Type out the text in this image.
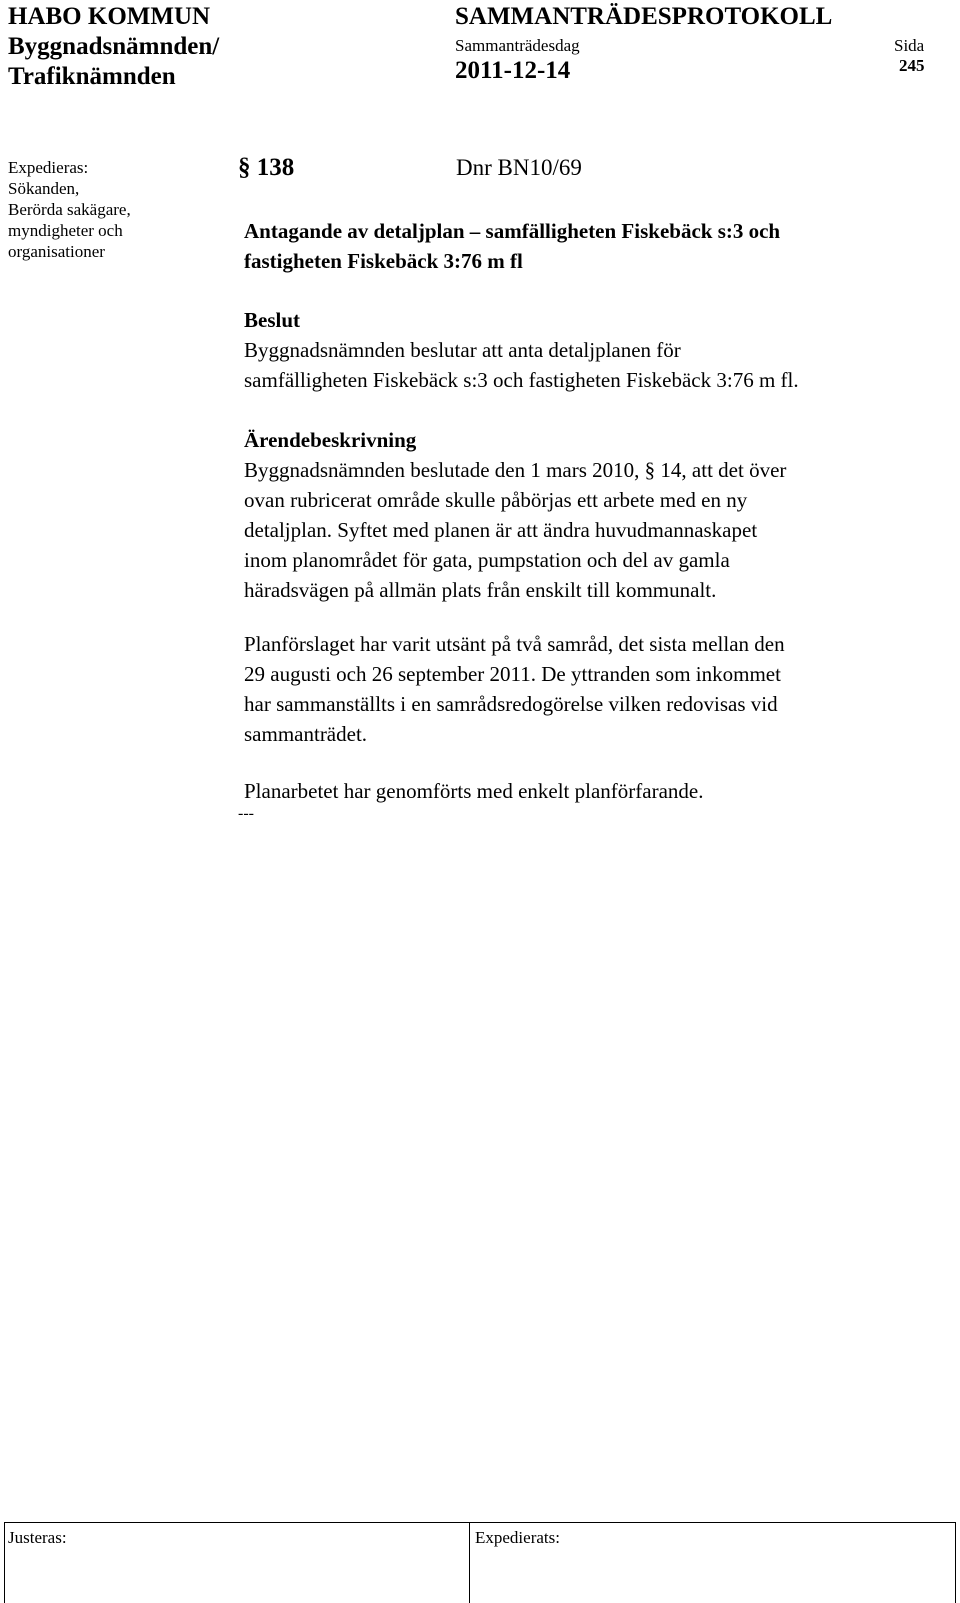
HABO KOMMUN
Byggnadsnämnden/
Trafiknämnden
SAMMANTRÄDESPROTOKOLL
Sammanträdesdag
2011-12-14
Sida
245
Expedieras:
Sökanden,
Berörda sakägare,
myndigheter och
organisationer
§ 138	Dnr BN10/69
Antagande av detaljplan – samfälligheten Fiskebäck s:3 och
fastigheten Fiskebäck 3:76 m fl

Beslut

Byggnadsnämnden beslutar att anta detaljplanen för

samfälligheten Fiskebäck s:3 och fastigheten Fiskebäck 3:76 m fl.

Ärendebeskrivning

Byggnadsnämnden beslutade den 1 mars 2010, § 14, att det över

ovan rubricerat område skulle påbörjas ett arbete med en ny

detaljplan. Syftet med planen är att ändra huvudmannaskapet

inom planområdet för gata, pumpstation och del av gamla

häradsvägen på allmän plats från enskilt till kommunalt.

Planförslaget har varit utsänt på två samråd, det sista mellan den

29 augusti och 26 september 2011. De yttranden som inkommet

har sammanställts i en samrådsredogörelse vilken redovisas vid

sammanträdet.

Planarbetet har genomförts med enkelt planförfarande.

---
Justeras:	Expedierats:
